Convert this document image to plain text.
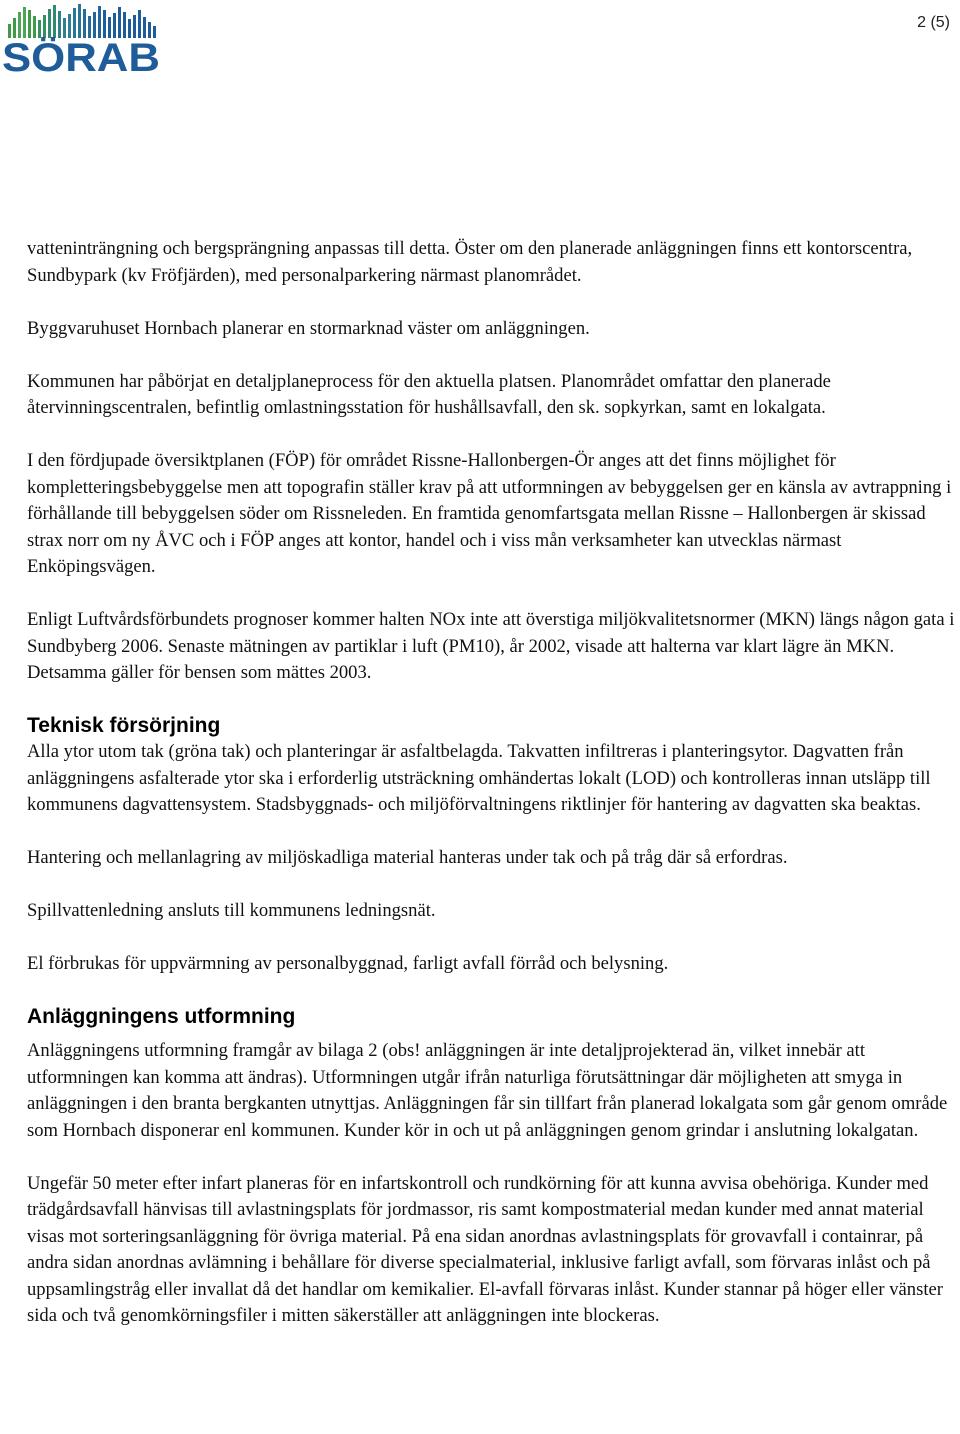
SÖRAB
2 (5)

vatteninträngning och bergsprängning anpassas till detta. Öster om den planerade anläggningen finns ett kontorscentra, Sundbypark (kv Fröfjärden), med personalparkering närmast planområdet.

Byggvaruhuset Hornbach planerar en stormarknad väster om anläggningen.

Kommunen har påbörjat en detaljplaneprocess för den aktuella platsen. Planområdet omfattar den planerade återvinningscentralen, befintlig omlastningsstation för hushållsavfall, den sk. sopkyrkan, samt en lokalgata.

I den fördjupade översiktplanen (FÖP) för området Rissne-Hallonbergen-Ör anges att det finns möjlighet för kompletteringsbebyggelse men att topografin ställer krav på att utformningen av bebyggelsen ger en känsla av avtrappning i förhållande till bebyggelsen söder om Rissneleden. En framtida genomfartsgata mellan Rissne – Hallonbergen är skissad strax norr om ny ÅVC och i FÖP anges att kontor, handel och i viss mån verksamheter kan utvecklas närmast Enköpingsvägen.

Enligt Luftvårdsförbundets prognoser kommer halten NOx inte att överstiga miljökvalitetsnormer (MKN) längs någon gata i Sundbyberg 2006. Senaste mätningen av partiklar i luft (PM10), år 2002, visade att halterna var klart lägre än MKN. Detsamma gäller för bensen som mättes 2003.

Teknisk försörjning

Alla ytor utom tak (gröna tak) och planteringar är asfaltbelagda. Takvatten infiltreras i planteringsytor. Dagvatten från anläggningens asfalterade ytor ska i erforderlig utsträckning omhändertas lokalt (LOD) och kontrolleras innan utsläpp till kommunens dagvattensystem. Stadsbyggnads- och miljöförvaltningens riktlinjer för hantering av dagvatten ska beaktas.

Hantering och mellanlagring av miljöskadliga material hanteras under tak och på tråg där så erfordras.

Spillvattenledning ansluts till kommunens ledningsnät.

El förbrukas för uppvärmning av personalbyggnad, farligt avfall förråd och belysning.

Anläggningens utformning

Anläggningens utformning framgår av bilaga 2 (obs! anläggningen är inte detaljprojekterad än, vilket innebär att utformningen kan komma att ändras). Utformningen utgår ifrån naturliga förutsättningar där möjligheten att smyga in anläggningen i den branta bergkanten utnyttjas. Anläggningen får sin tillfart från planerad lokalgata som går genom område som Hornbach disponerar enl kommunen. Kunder kör in och ut på anläggningen genom grindar i anslutning lokalgatan.

Ungefär 50 meter efter infart planeras för en infartskontroll och rundkörning för att kunna avvisa obehöriga. Kunder med trädgårdsavfall hänvisas till avlastningsplats för jordmassor, ris samt kompostmaterial medan kunder med annat material visas mot sorteringsanläggning för övriga material. På ena sidan anordnas avlastningsplats för grovavfall i containrar, på andra sidan anordnas avlämning i behållare för diverse specialmaterial, inklusive farligt avfall, som förvaras inlåst och på uppsamlingstråg eller invallat då det handlar om kemikalier. El-avfall förvaras inlåst. Kunder stannar på höger eller vänster sida och två genomkörningsfiler i mitten säkerställer att anläggningen inte blockeras.
